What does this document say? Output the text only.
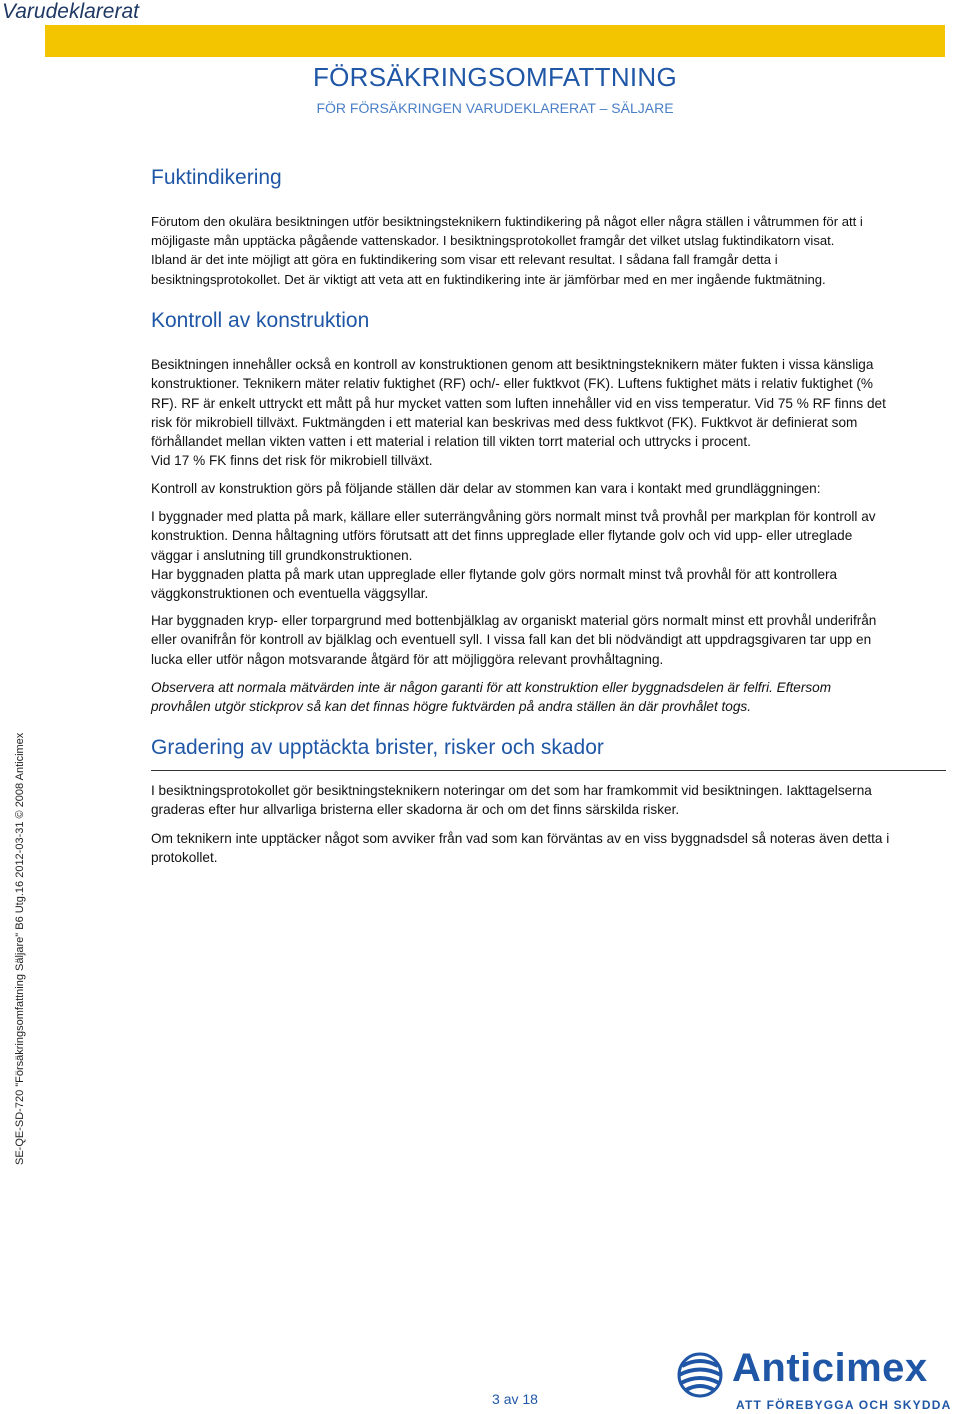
Varudeklarerat
FÖRSÄKRINGSOMFATTNING
FÖR FÖRSÄKRINGEN VARUDEKLARERAT – SÄLJARE
Fuktindikering
Förutom den okulära besiktningen utför besiktningsteknikern fuktindikering på något eller några ställen i våtrummen för att i
möjligaste mån upptäcka pågående vattenskador. I besiktningsprotokollet framgår det vilket utslag fuktindikatorn visat.
Ibland är det inte möjligt att göra en fuktindikering som visar ett relevant resultat. I sådana fall framgår detta i
besiktningsprotokollet. Det är viktigt att veta att en fuktindikering inte är jämförbar med en mer ingående fuktmätning.
Kontroll av konstruktion
Besiktningen innehåller också en kontroll av konstruktionen genom att besiktningsteknikern mäter fukten i vissa känsliga
konstruktioner. Teknikern mäter relativ fuktighet (RF) och/- eller fuktkvot (FK). Luftens fuktighet mäts i relativ fuktighet (%
RF). RF är enkelt uttryckt ett mått på hur mycket vatten som luften innehåller vid en viss temperatur. Vid 75 % RF finns det
risk för mikrobiell tillväxt. Fuktmängden i ett material kan beskrivas med dess fuktkvot (FK). Fuktkvot är definierat som
förhållandet mellan vikten vatten i ett material i relation till vikten torrt material och uttrycks i procent.
Vid 17 % FK finns det risk för mikrobiell tillväxt.
Kontroll av konstruktion görs på följande ställen där delar av stommen kan vara i kontakt med grundläggningen:
I byggnader med platta på mark, källare eller suterrängvåning görs normalt minst två provhål per markplan för kontroll av
konstruktion. Denna håltagning utförs förutsatt att det finns uppreglade eller flytande golv och vid upp- eller utreglade
väggar i anslutning till grundkonstruktionen.
Har byggnaden platta på mark utan uppreglade eller flytande golv görs normalt minst två provhål för att kontrollera
väggkonstruktionen och eventuella väggsyllar.
Har byggnaden kryp- eller torpargrund med bottenbjälklag av organiskt material görs normalt minst ett provhål underifrån
eller ovanifrån för kontroll av bjälklag och eventuell syll. I vissa fall kan det bli nödvändigt att uppdragsgivaren tar upp en
lucka eller utför någon motsvarande åtgärd för att möjliggöra relevant provhåltagning.
Observera att normala mätvärden inte är någon garanti för att konstruktion eller byggnadsdelen är felfri. Eftersom
provhålen utgör stickprov så kan det finnas högre fuktvärden på andra ställen än där provhålet togs.
Gradering av upptäckta brister, risker och skador
I besiktningsprotokollet gör besiktningsteknikern noteringar om det som har framkommit vid besiktningen. Iakttagelserna
graderas efter hur allvarliga bristerna eller skadorna är och om det finns särskilda risker.
Om teknikern inte upptäcker något som avviker från vad som kan förväntas av en viss byggnadsdel så noteras även detta i
protokollet.
SE-QE-SD-720 "Försäkringsomfattning Säljare" B6 Utg.16 2012-03-31 © 2008 Anticimex
3 av 18
Anticimex
ATT FÖREBYGGA OCH SKYDDA
